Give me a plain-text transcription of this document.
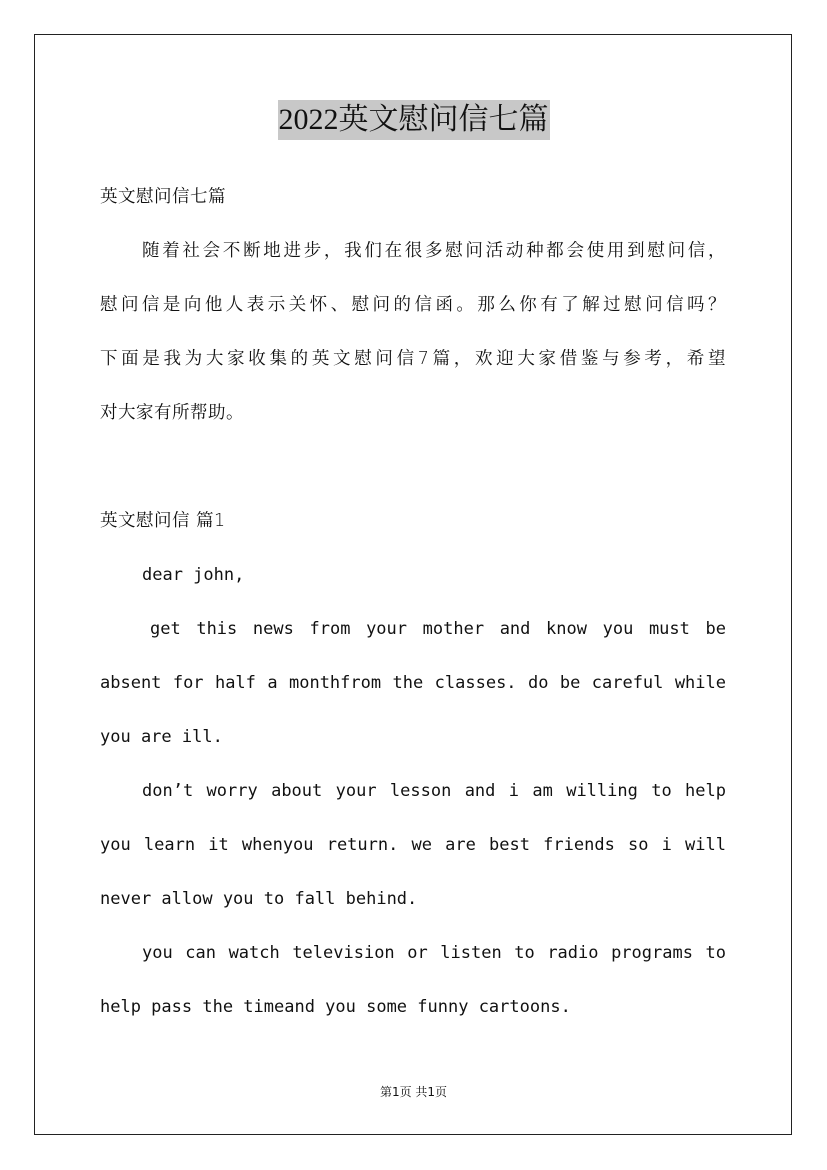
2022英文慰问信七篇
英文慰问信七篇
随着社会不断地进步，我们在很多慰问活动种都会使用到慰问信，
慰问信是向他人表示关怀、慰问的信函。那么你有了解过慰问信吗？
下面是我为大家收集的英文慰问信7篇，欢迎大家借鉴与参考，希望
对大家有所帮助。
英文慰问信 篇1
dear john,
get this news from your mother and know you must be
absent for half a monthfrom the classes. do be careful while
you are ill.
don’t worry about your lesson and i am willing to help
you learn it whenyou return. we are best friends so i will
never allow you to fall behind.
you can watch television or listen to radio programs to
help pass the timeand you some funny cartoons.
第1页 共1页
